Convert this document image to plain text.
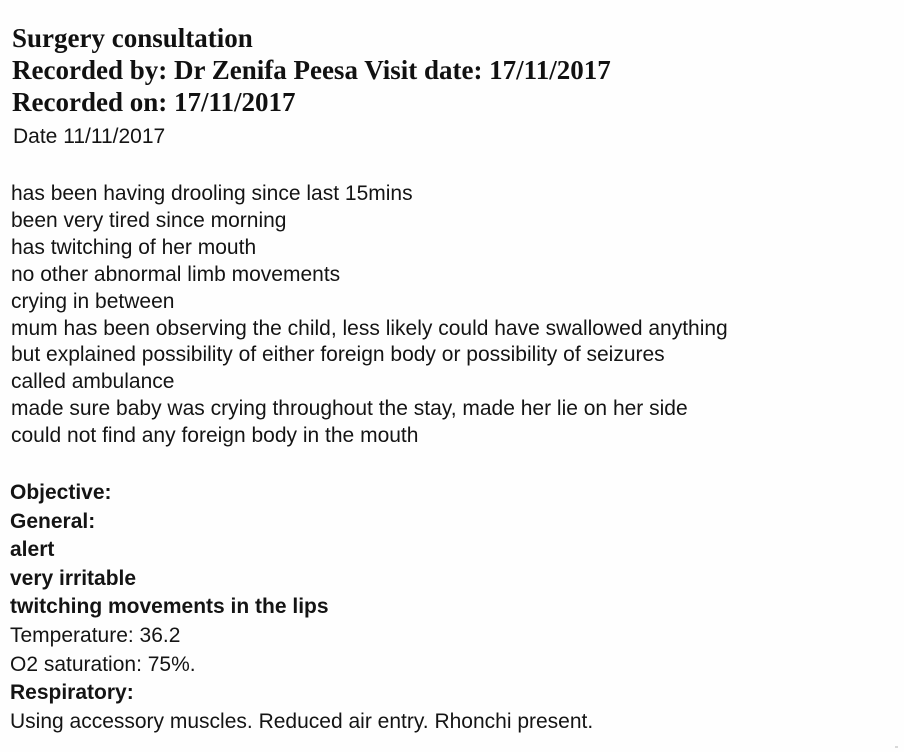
Surgery consultation
Recorded by: Dr Zenifa Peesa Visit date: 17/11/2017
Recorded on: 17/11/2017
Date 11/11/2017
has been having drooling since last 15mins
been very tired since morning
has twitching of her mouth
no other abnormal limb movements
crying in between
mum has been observing the child, less likely could have swallowed anything
but explained possibility of either foreign body or possibility of seizures
called ambulance
made sure baby was crying throughout the stay, made her lie on her side
could not find any foreign body in the mouth
Objective:
General:
alert
very irritable
twitching movements in the lips
Temperature: 36.2
O2 saturation: 75%.
Respiratory:
Using accessory muscles. Reduced air entry. Rhonchi present.
